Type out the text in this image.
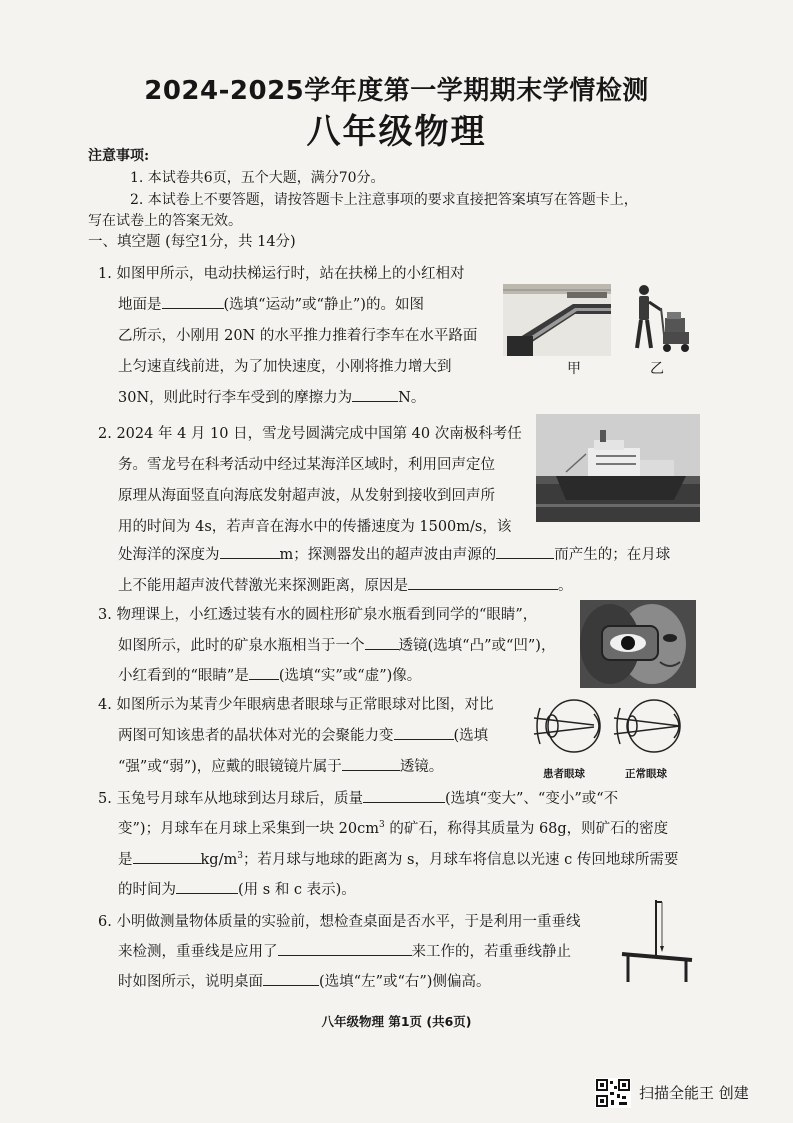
2024-2025学年度第一学期期末学情检测
八年级物理
注意事项:
1. 本试卷共6页，五个大题，满分70分。
2. 本试卷上不要答题，请按答题卡上注意事项的要求直接把答案填写在答题卡上，
写在试卷上的答案无效。
一、填空题 (每空1分，共 14分)
1. 如图甲所示，电动扶梯运行时，站在扶梯上的小红相对
地面是	(选填“运动”或“静止”)的。如图
乙所示，小刚用 20N 的水平推力推着行李车在水平路面
上匀速直线前进，为了加快速度，小刚将推力增大到
30N，则此时行李车受到的摩擦力为	N。
甲	乙
2. 2024 年 4 月 10 日，雪龙号圆满完成中国第 40 次南极科考任
务。雪龙号在科考活动中经过某海洋区域时，利用回声定位
原理从海面竖直向海底发射超声波，从发射到接收到回声所
用的时间为 4s，若声音在海水中的传播速度为 1500m/s，该
处海洋的深度为	m；探测器发出的超声波由声源的	而产生的；在月球
上不能用超声波代替激光来探测距离，原因是	。
3. 物理课上，小红透过装有水的圆柱形矿泉水瓶看到同学的“眼睛”，
如图所示，此时的矿泉水瓶相当于一个 透镜(选填“凸”或“凹”)，
小红看到的“眼睛”是 (选填“实”或“虚”)像。
4. 如图所示为某青少年眼病患者眼球与正常眼球对比图，对比
两图可知该患者的晶状体对光的会聚能力变	(选填
“强”或“弱”)，应戴的眼镜镜片属于	透镜。	患者眼球	正常眼球
5. 玉兔号月球车从地球到达月球后，质量	(选填“变大”、“变小”或“不
变”)；月球车在月球上采集到一块 $20cm^3$ 的矿石，称得其质量为 68g，则矿石的密度
是	$kg/m^3$；若月球与地球的距离为 s，月球车将信息以光速 c 传回地球所需要
的时间为	(用 s 和 c 表示)。
6. 小明做测量物体质量的实验前，想检查桌面是否水平，于是利用一重垂线
来检测，重垂线是应用了	来工作的，若重垂线静止
时如图所示，说明桌面	(选填“左”或“右”)侧偏高。
八年级物理 第1页 (共6页)
扫描全能王 创建
